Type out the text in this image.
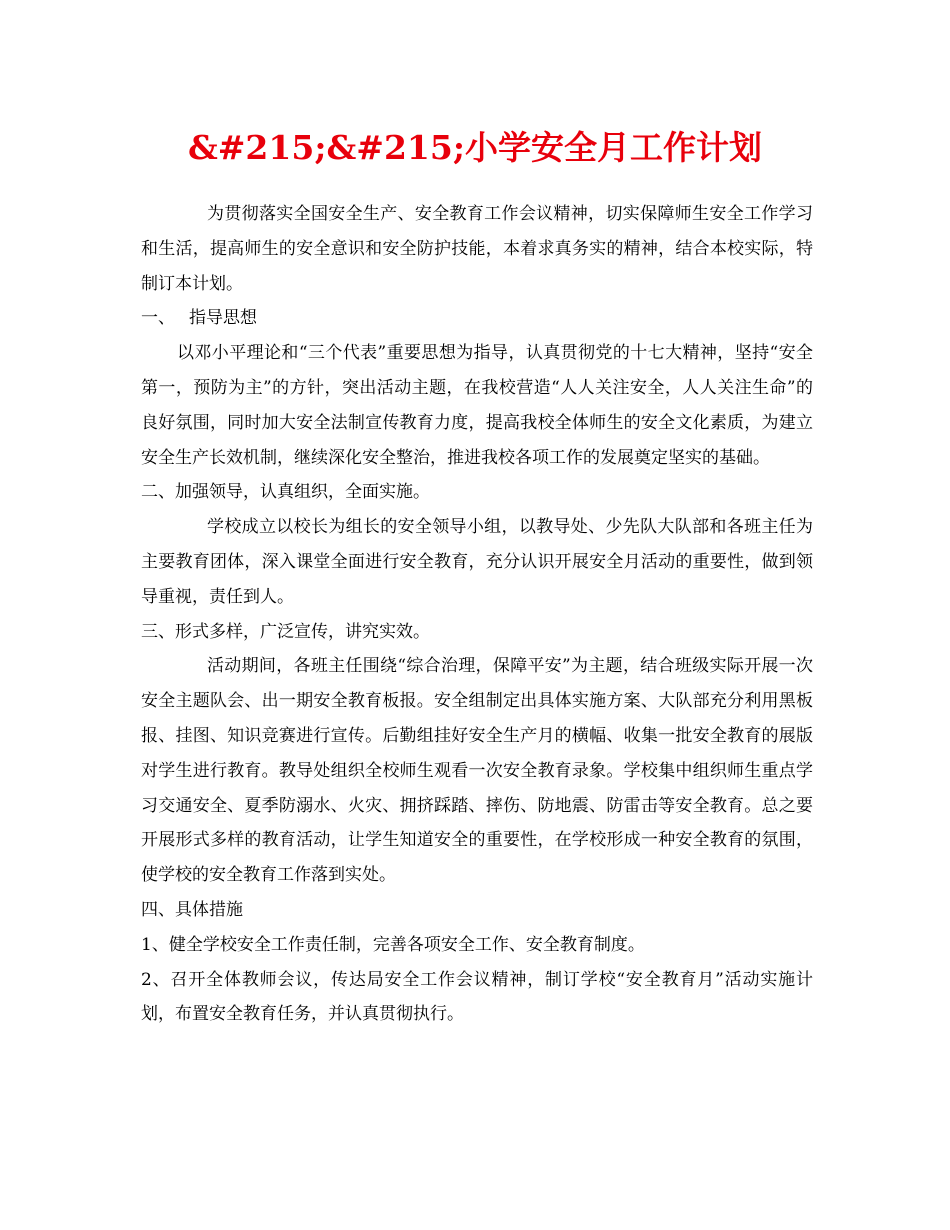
&#215;&#215;小学安全月工作计划

为贯彻落实全国安全生产、安全教育工作会议精神，切实保障师生安全工作学习和生活，提高师生的安全意识和安全防护技能，本着求真务实的精神，结合本校实际，特制订本计划。

一、 指导思想

以邓小平理论和“三个代表”重要思想为指导，认真贯彻党的十七大精神，坚持“安全第一，预防为主”的方针，突出活动主题，在我校营造“人人关注安全，人人关注生命”的良好氛围，同时加大安全法制宣传教育力度，提高我校全体师生的安全文化素质，为建立安全生产长效机制，继续深化安全整治，推进我校各项工作的发展奠定坚实的基础。

二、加强领导，认真组织，全面实施。

学校成立以校长为组长的安全领导小组，以教导处、少先队大队部和各班主任为主要教育团体，深入课堂全面进行安全教育，充分认识开展安全月活动的重要性，做到领导重视，责任到人。

三、形式多样，广泛宣传，讲究实效。

活动期间，各班主任围绕“综合治理，保障平安”为主题，结合班级实际开展一次安全主题队会、出一期安全教育板报。安全组制定出具体实施方案、大队部充分利用黑板报、挂图、知识竞赛进行宣传。后勤组挂好安全生产月的横幅、收集一批安全教育的展版对学生进行教育。教导处组织全校师生观看一次安全教育录象。学校集中组织师生重点学习交通安全、夏季防溺水、火灾、拥挤踩踏、摔伤、防地震、防雷击等安全教育。总之要开展形式多样的教育活动，让学生知道安全的重要性，在学校形成一种安全教育的氛围，使学校的安全教育工作落到实处。

四、具体措施

1、健全学校安全工作责任制，完善各项安全工作、安全教育制度。

2、召开全体教师会议，传达局安全工作会议精神，制订学校“安全教育月”活动实施计划，布置安全教育任务，并认真贯彻执行。
